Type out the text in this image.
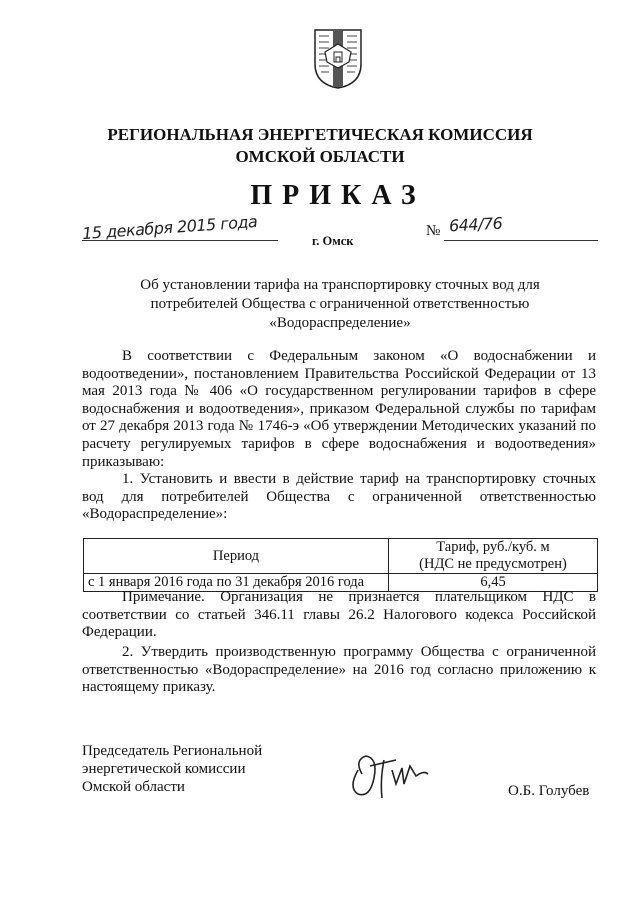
РЕГИОНАЛЬНАЯ ЭНЕРГЕТИЧЕСКАЯ КОМИССИЯ
ОМСКОЙ ОБЛАСТИ
ПРИКАЗ
15 декабря 2015 года	№ 644/76
г. Омск
Об установлении тарифа на транспортировку сточных вод для потребителей Общества с ограниченной ответственностью «Водораспределение»
В соответствии с Федеральным законом «О водоснабжении и водоотведении», постановлением Правительства Российской Федерации от 13 мая 2013 года № 406 «О государственном регулировании тарифов в сфере водоснабжения и водоотведения», приказом Федеральной службы по тарифам от 27 декабря 2013 года № 1746-э «Об утверждении Методических указаний по расчету регулируемых тарифов в сфере водоснабжения и водоотведения» приказываю:
1. Установить и ввести в действие тариф на транспортировку сточных вод для потребителей Общества с ограниченной ответственностью «Водораспределение»:
Период	Тариф, руб./куб. м
(НДС не предусмотрен)

с 1 января 2016 года по 31 декабря 2016 года	6,45
Примечание. Организация не признается плательщиком НДС в соответствии со статьей 346.11 главы 26.2 Налогового кодекса Российской Федерации.
2. Утвердить производственную программу Общества с ограниченной ответственностью «Водораспределение» на 2016 год согласно приложению к настоящему приказу.
Председатель Региональной
энергетической комиссии
Омской области	О.Б. Голубев
